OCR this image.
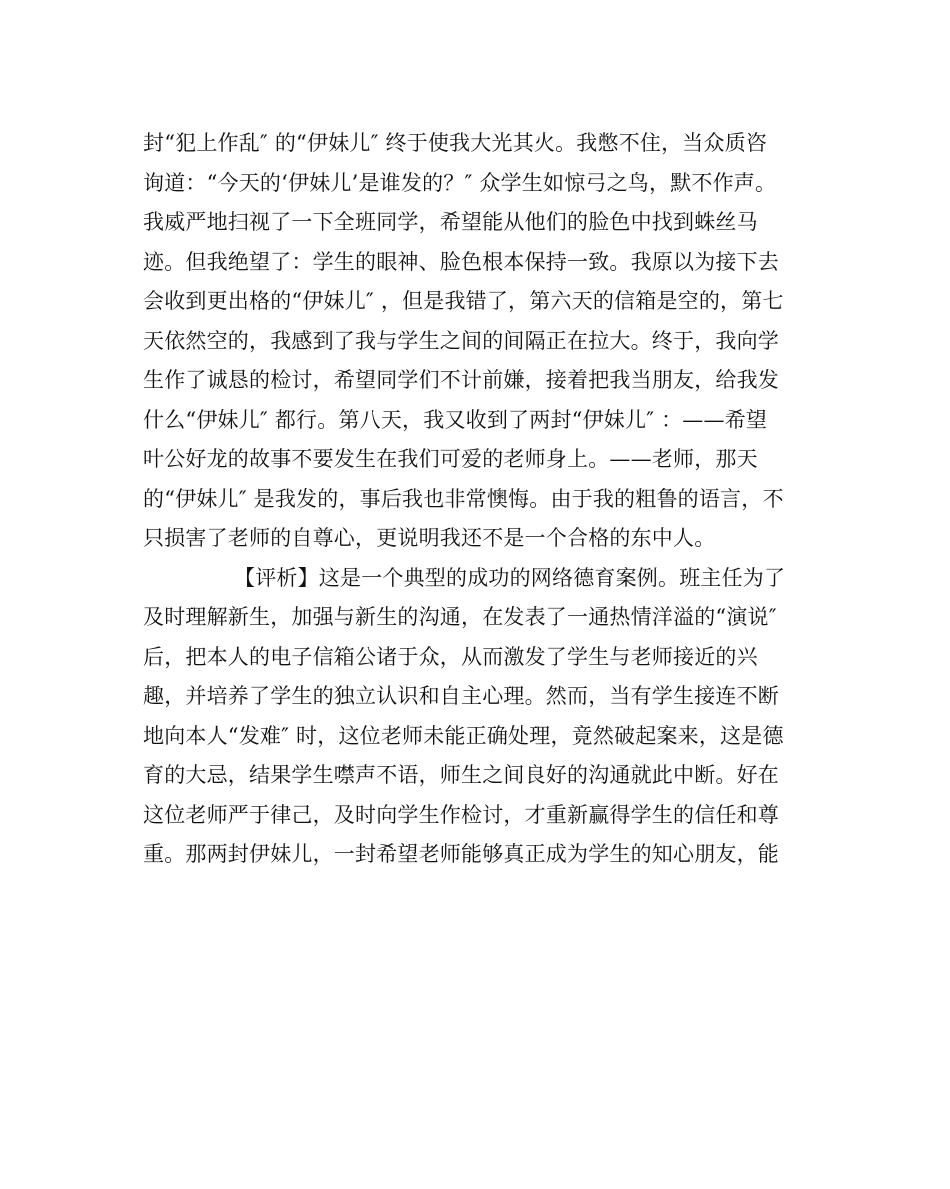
封“犯上作乱″ 的“伊妹儿″ 终于使我大光其火。我憋不住，当众质咨
询道：“今天的‘伊妹儿’是谁发的？″ 众学生如惊弓之鸟，默不作声。
我威严地扫视了一下全班同学，希望能从他们的脸色中找到蛛丝马
迹。但我绝望了：学生的眼神、脸色根本保持一致。我原以为接下去
会收到更出格的“伊妹儿″ ，但是我错了，第六天的信箱是空的，第七
天依然空的，我感到了我与学生之间的间隔正在拉大。终于，我向学
生作了诚恳的检讨，希望同学们不计前嫌，接着把我当朋友，给我发
什么“伊妹儿″ 都行。第八天，我又收到了两封“伊妹儿″ ：——希望
叶公好龙的故事不要发生在我们可爱的老师身上。——老师，那天
的“伊妹儿″ 是我发的，事后我也非常懊悔。由于我的粗鲁的语言，不
只损害了老师的自尊心，更说明我还不是一个合格的东中人。
【评析】这是一个典型的成功的网络德育案例。班主任为了
及时理解新生，加强与新生的沟通，在发表了一通热情洋溢的“演说″
后，把本人的电子信箱公诸于众，从而激发了学生与老师接近的兴
趣，并培养了学生的独立认识和自主心理。然而，当有学生接连不断
地向本人“发难″ 时，这位老师未能正确处理，竟然破起案来，这是德
育的大忌，结果学生噤声不语，师生之间良好的沟通就此中断。好在
这位老师严于律己，及时向学生作检讨，才重新赢得学生的信任和尊
重。那两封伊妹儿，一封希望老师能够真正成为学生的知心朋友，能
